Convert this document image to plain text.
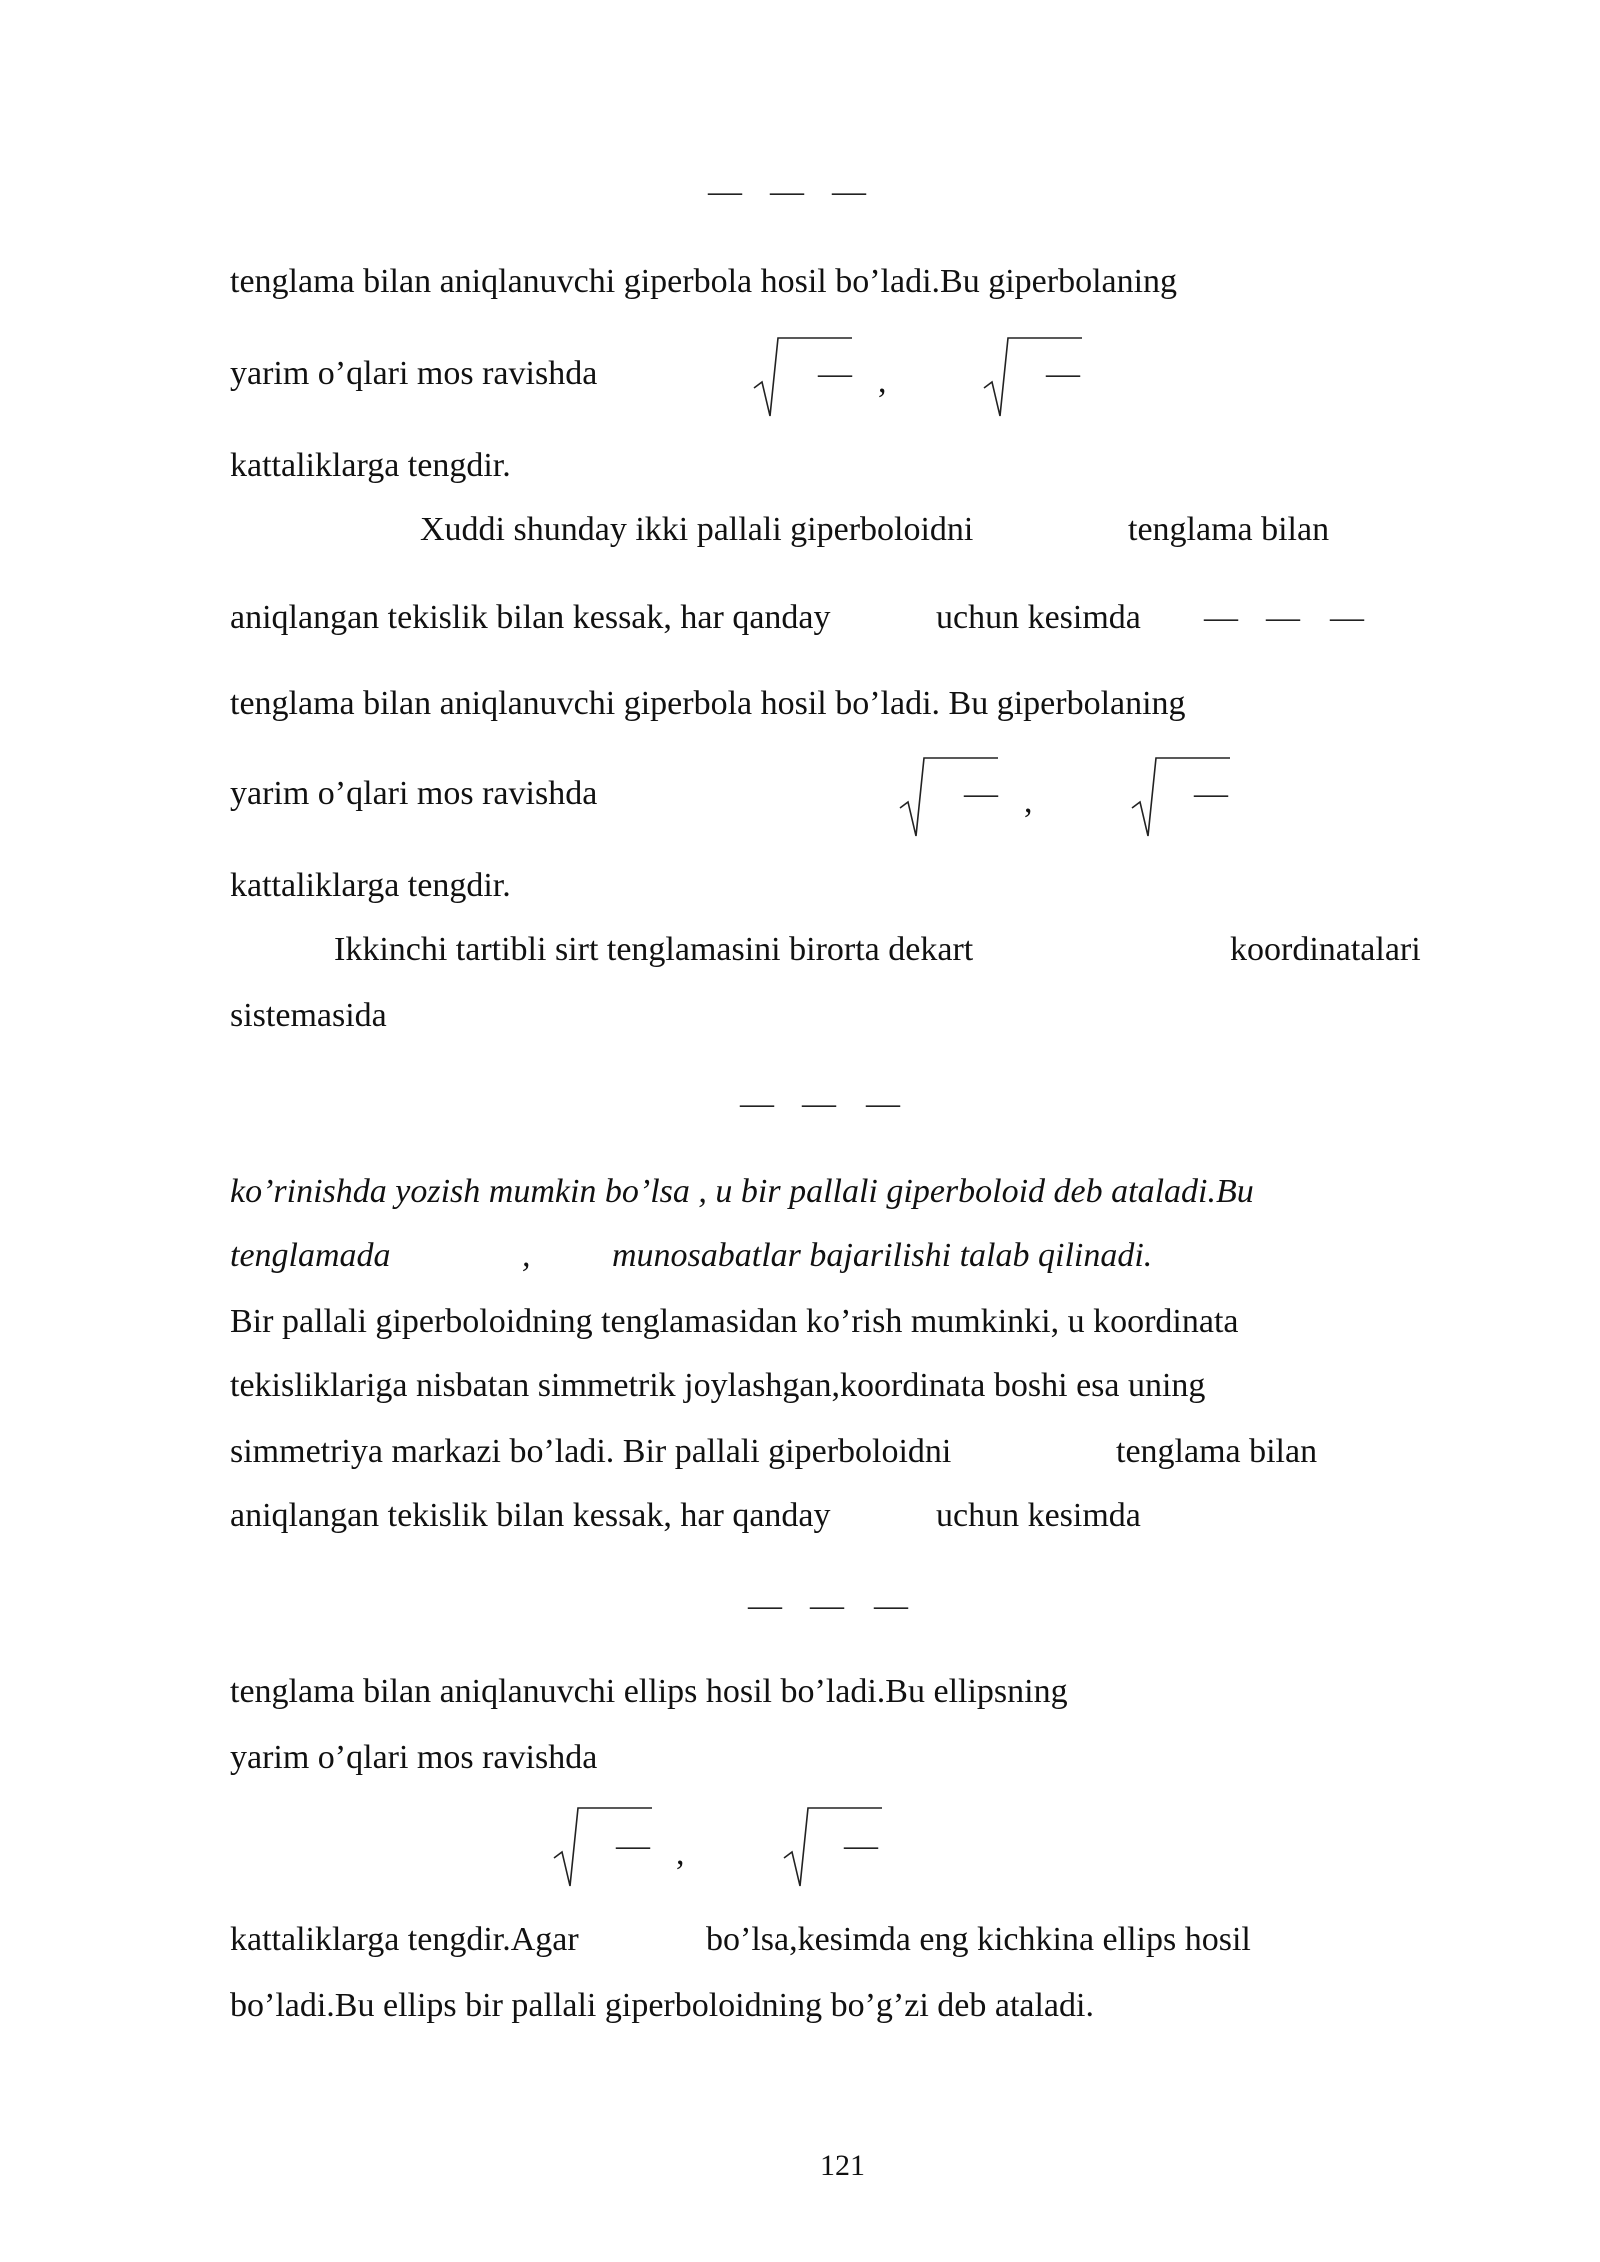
— — —
tenglama bilan aniqlanuvchi giperbola hosil bo’ladi.Bu giperbolaning
yarim o’qlari mos ravishda	— ,	—
kattaliklarga tengdir.
Xuddi shunday ikki pallali giperboloidni	tenglama bilan
aniqlangan tekislik bilan kessak, har qanday	uchun kesimda — — —
tenglama bilan aniqlanuvchi giperbola hosil bo’ladi. Bu giperbolaning
yarim o’qlari mos ravishda	— ,	—
kattaliklarga tengdir.
Ikkinchi tartibli sirt tenglamasini birorta dekart	koordinatalari
sistemasida
— — —
ko’rinishda yozish mumkin bo’lsa , u bir pallali giperboloid deb ataladi.Bu
tenglamada	, munosabatlar bajarilishi talab qilinadi.
Bir pallali giperboloidning tenglamasidan ko’rish mumkinki, u koordinata
tekisliklariga nisbatan simmetrik joylashgan,koordinata boshi esa uning
simmetriya markazi bo’ladi. Bir pallali giperboloidni	tenglama bilan
aniqlangan tekislik bilan kessak, har qanday	uchun kesimda
— — —
tenglama bilan aniqlanuvchi ellips hosil bo’ladi.Bu ellipsning
yarim o’qlari mos ravishda
— ,	—
kattaliklarga tengdir.Agar	bo’lsa,kesimda eng kichkina ellips hosil
bo’ladi.Bu ellips bir pallali giperboloidning bo’g’zi deb ataladi.
121
